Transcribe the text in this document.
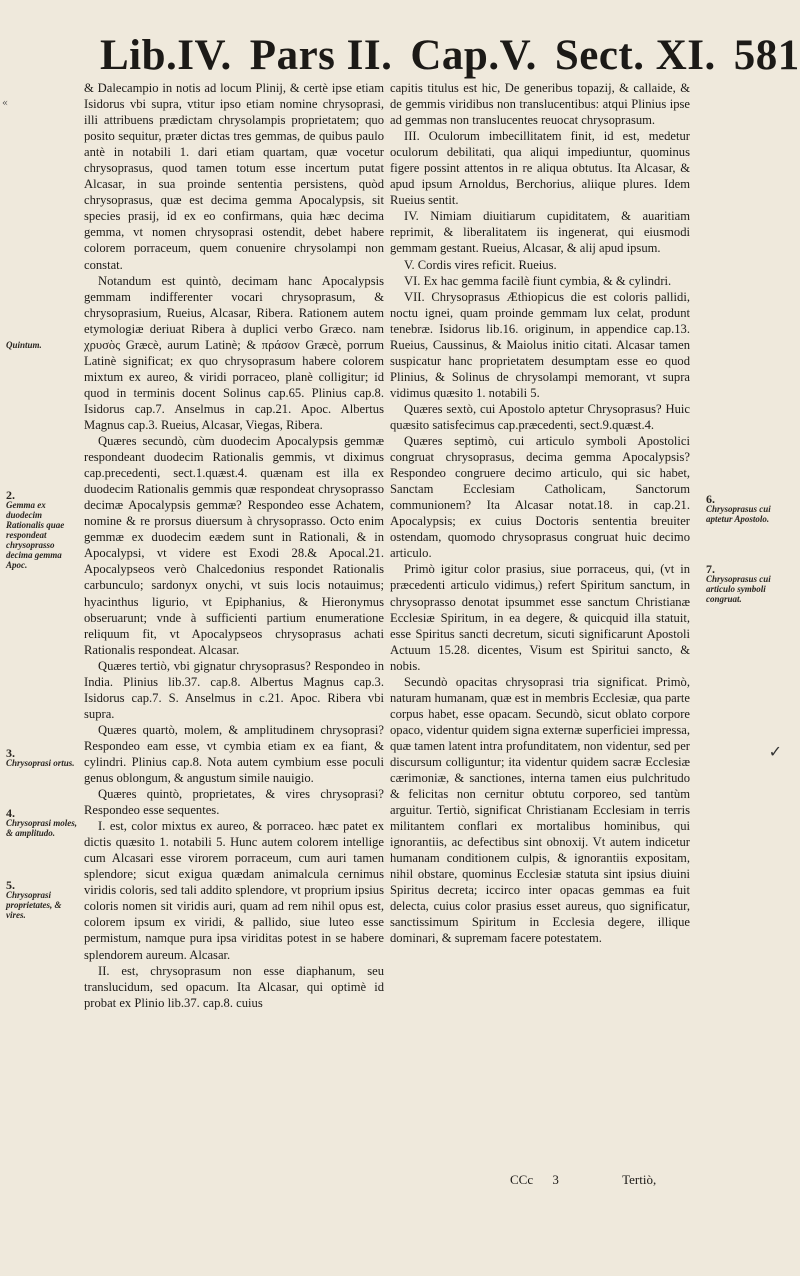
Lib.IV. Pars II. Cap.V. Sect. XI. 581
«
Quintum.
2.
Gemma ex duodecim Rationalis quae respondeat chrysoprasso decima gemma Apoc.
3.
Chrysoprasi ortus.
4.
Chrysoprasi moles, & amplitudo.
5.
Chrysoprasi proprietates, & vires.
6.
Chrysoprasus cui aptetur Apostolo.
7.
Chrysoprasus cui articulo symboli congruat.
✓

& Dalecampio in notis ad locum Plinij, & certè ipse etiam Isidorus vbi supra, vtitur ipso etiam nomine chrysoprasi, illi attribuens prædictam chrysolampis proprietatem; quo posito sequitur, præter dictas tres gemmas, de quibus paulo antè in notabili 1. dari etiam quartam, quæ vocetur chrysoprasus, quod tamen totum esse incertum putat Alcasar, in sua proinde sententia persistens, quòd chrysoprasus, quæ est decima gemma Apocalypsis, sit species prasij, id ex eo confirmans, quia hæc decima gemma, vt nomen chrysoprasi ostendit, debet habere colorem porraceum, quem conuenire chrysolampi non constat.

Notandum est quintò, decimam hanc Apocalypsis gemmam indifferenter vocari chrysoprasum, & chrysoprasium, Rueius, Alcasar, Ribera. Rationem autem etymologiæ deriuat Ribera à duplici verbo Græco. nam χρυσὸς Græcè, aurum Latinè; & πράσον Græcè, porrum Latinè significat; ex quo chrysoprasum habere colorem mixtum ex aureo, & viridi porraceo, planè colligitur; id quod in terminis docent Solinus cap.65. Plinius cap.8. Isidorus cap.7. Anselmus in cap.21. Apoc. Albertus Magnus cap.3. Rueius, Alcasar, Viegas, Ribera.

Quæres secundò, cùm duodecim Apocalypsis gemmæ respondeant duodecim Rationalis gemmis, vt diximus cap.precedenti, sect.1.quæst.4. quænam est illa ex duodecim Rationalis gemmis quæ respondeat chrysoprasso decimæ Apocalypsis gemmæ? Respondeo esse Achatem, nomine & re prorsus diuersum à chrysoprasso. Octo enim gemmæ ex duodecim eædem sunt in Rationali, & in Apocalypsi, vt videre est Exodi 28.& Apocal.21. Apocalypseos verò Chalcedonius respondet Rationalis carbunculo; sardonyx onychi, vt suis locis notauimus; hyacinthus ligurio, vt Epiphanius, & Hieronymus obseruarunt; vnde à sufficienti partium enumeratione reliquum fit, vt Apocalypseos chrysoprasus achati Rationalis respondeat. Alcasar.

Quæres tertiò, vbi gignatur chrysoprasus? Respondeo in India. Plinius lib.37. cap.8. Albertus Magnus cap.3. Isidorus cap.7. S. Anselmus in c.21. Apoc. Ribera vbi supra.

Quæres quartò, molem, & amplitudinem chrysoprasi? Respondeo eam esse, vt cymbia etiam ex ea fiant, & cylindri. Plinius cap.8. Nota autem cymbium esse poculi genus oblongum, & angustum simile nauigio.

Quæres quintò, proprietates, & vires chrysoprasi? Respondeo esse sequentes.

I. est, color mixtus ex aureo, & porraceo. hæc patet ex dictis quæsito 1. notabili 5. Hunc autem colorem intellige cum Alcasari esse virorem porraceum, cum auri tamen splendore; sicut exigua quædam animalcula cernimus viridis coloris, sed tali addito splendore, vt proprium ipsius coloris nomen sit viridis auri, quam ad rem nihil opus est, colorem ipsum ex viridi, & pallido, siue luteo esse permistum, namque pura ipsa viriditas potest in se habere splendorem aureum. Alcasar.

II. est, chrysoprasum non esse diaphanum, seu translucidum, sed opacum. Ita Alcasar, qui optimè id probat ex Plinio lib.37. cap.8. cuius

capitis titulus est hic, De generibus topazij, & callaide, & de gemmis viridibus non translucentibus: atqui Plinius ipse ad gemmas non translucentes reuocat chrysoprasum.

III. Oculorum imbecillitatem finit, id est, medetur oculorum debilitati, qua aliqui impediuntur, quominus figere possint attentos in re aliqua obtutus. Ita Alcasar, & apud ipsum Arnoldus, Berchorius, aliique plures. Idem Rueius sentit.

IV. Nimiam diuitiarum cupiditatem, & auaritiam reprimit, & liberalitatem iis ingenerat, qui eiusmodi gemmam gestant. Rueius, Alcasar, & alij apud ipsum.

V. Cordis vires reficit. Rueius.

VI. Ex hac gemma facilè fiunt cymbia, & & cylindri.

VII. Chrysoprasus Æthiopicus die est coloris pallidi, noctu ignei, quam proinde gemmam lux celat, produnt tenebræ. Isidorus lib.16. originum, in appendice cap.13. Rueius, Caussinus, & Maiolus initio citati. Alcasar tamen suspicatur hanc proprietatem desumptam esse eo quod Plinius, & Solinus de chrysolampi memorant, vt supra vidimus quæsito 1. notabili 5.

Quæres sextò, cui Apostolo aptetur Chrysoprasus? Huic quæsito satisfecimus cap.præcedenti, sect.9.quæst.4.

Quæres septimò, cui articulo symboli Apostolici congruat chrysoprasus, decima gemma Apocalypsis? Respondeo congruere decimo articulo, qui sic habet, Sanctam Ecclesiam Catholicam, Sanctorum communionem? Ita Alcasar notat.18. in cap.21. Apocalypsis; ex cuius Doctoris sententia breuiter ostendam, quomodo chrysoprasus congruat huic decimo articulo.

Primò igitur color prasius, siue porraceus, qui, (vt in præcedenti articulo vidimus,) refert Spiritum sanctum, in chrysoprasso denotat ipsummet esse sanctum Christianæ Ecclesiæ Spiritum, in ea degere, & quicquid illa statuit, esse Spiritus sancti decretum, sicuti significarunt Apostoli Actuum 15.28. dicentes, Visum est Spiritui sancto, & nobis.

Secundò opacitas chrysoprasi tria significat. Primò, naturam humanam, quæ est in membris Ecclesiæ, qua parte corpus habet, esse opacam. Secundò, sicut oblato corpore opaco, videntur quidem signa externæ superficiei impressa, quæ tamen latent intra profunditatem, non videntur, sed per discursum colliguntur; ita videntur quidem sacræ Ecclesiæ cærimoniæ, & sanctiones, interna tamen eius pulchritudo & felicitas non cernitur obtutu corporeo, sed tantùm arguitur. Tertiò, significat Christianam Ecclesiam in terris militantem conflari ex mortalibus hominibus, qui ignorantiis, ac defectibus sint obnoxij. Vt autem indicetur humanam conditionem culpis, & ignorantiis expositam, nihil obstare, quominus Ecclesiæ statuta sint ipsius diuini Spiritus decreta; iccirco inter opacas gemmas ea fuit delecta, cuius color prasius esset aureus, quo significatur, sanctissimum Spiritum in Ecclesia degere, illique dominari, & supremam facere potestatem.

CCc 3	Tertiò,
